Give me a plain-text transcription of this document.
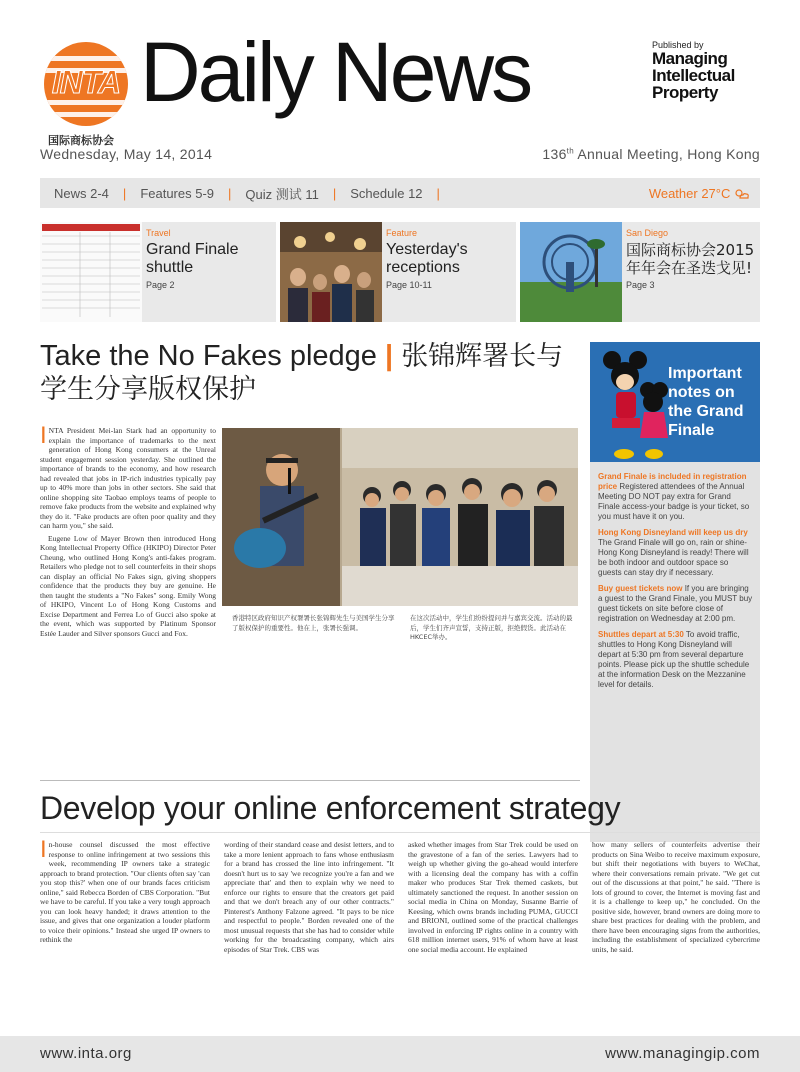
INTA
国际商标协会
Daily News	Published by
Managing
Intellectual
Property
Wednesday, May 14, 2014	136th Annual Meeting, Hong Kong
News 2-4	|	Features 5-9	|	Quiz 测试 11	|	Schedule 12	|	Weather 27°C
Travel
Grand Finale shuttle
Page 2
Feature
Yesterday's receptions
Page 10-11
San Diego
国际商标协会2015年年会在圣迭戈见!
Page 3
Take the No Fakes pledge | 张锦辉署长与学生分享版权保护
INTA President Mei-lan Stark had an opportunity to explain the importance of trademarks to the next generation of Hong Kong consumers at the Unreal student engagement session yesterday. She outlined the importance of brands to the economy, and how research had revealed that jobs in IP-rich industries typically pay up to 40% more than jobs in other sectors. She said that online shopping site Taobao employs teams of people to remove fake products from the website and explained why they do it. "Fake products are often poor quality and they can harm you," she said.

Eugene Low of Mayer Brown then introduced Hong Kong Intellectual Property Office (HKIPO) Director Peter Cheung, who outlined Hong Kong's anti-fakes program. Retailers who pledge not to sell counterfeits in their shops can display an official No Fakes sign, giving shoppers confidence that the products they buy are genuine. He then taught the students a "No Fakes" song. Emily Wong of HKIPO, Vincent Lo of Hong Kong Customs and Excise Department and Ferrea Lo of Gucci also spoke at the event, which was supported by Platinum Sponsor Estée Lauder and Silver sponsors Gucci and Fox.

香港特区政府知识产权署署长张锦辉先生与美国学生分享了版权保护的重要性。他在上，张署长强调。
在这次活动中，学生们纷纷提问并与嘉宾交流。活动的最后，学生们齐声宣誓，支持正版，拒绝假货。此活动在HKCEC举办。
Important notes on the Grand Finale

Grand Finale is included in registration price Registered attendees of the Annual Meeting DO NOT pay extra for Grand Finale access-your badge is your ticket, so you must have it on you.

Hong Kong Disneyland will keep us dry The Grand Finale will go on, rain or shine-Hong Kong Disneyland is ready! There will be both indoor and outdoor space so guests can stay dry if necessary.

Buy guest tickets now If you are bringing a guest to the Grand Finale, you MUST buy guest tickets on site before close of registration on Wednesday at 2:00 pm.

Shuttles depart at 5:30 To avoid traffic, shuttles to Hong Kong Disneyland will depart at 5:30 pm from several departure points. Please pick up the shuttle schedule at the information Desk on the Mezzanine level for details.

Develop your online enforcement strategy
In-house counsel discussed the most effective response to online infringement at two sessions this week, recommending IP owners take a strategic approach to brand protection. "Our clients often say 'can you stop this?' when one of our brands faces criticism online," said Rebecca Borden of CBS Corporation. "But we have to be careful. If you take a very tough approach you can look heavy handed; it draws attention to the issue, and gives that one organization a louder platform to voice their opinions." Instead she urged IP owners to rethink the
wording of their standard cease and desist letters, and to take a more lenient approach to fans whose enthusiasm for a brand has crossed the line into infringement. "It doesn't hurt us to say 'we recognize you're a fan and we appreciate that' and then to explain why we need to enforce our rights to ensure that the creators get paid and that we don't breach any of our other contracts." Pinterest's Anthony Falzone agreed. "It pays to be nice and respectful to people." Borden revealed one of the most unusual requests that she has had to consider while working for the broadcasting company, which airs episodes of Star Trek. CBS was
asked whether images from Star Trek could be used on the gravestone of a fan of the series. Lawyers had to weigh up whether giving the go-ahead would interfere with a licensing deal the company has with a coffin maker who produces Star Trek themed caskets, but ultimately sanctioned the request. In another session on social media in China on Monday, Susanne Barrie of Keesing, which owns brands including PUMA, GUCCI and BRIONI, outlined some of the practical challenges involved in enforcing IP rights online in a country with 618 million internet users, 91% of whom have at least one social media account. He explained
how many sellers of counterfeits advertise their products on Sina Weibo to receive maximum exposure, but shift their negotiations with buyers to WeChat, where their conversations remain private. "We get cut out of the discussions at that point," he said. "There is lots of ground to cover, the Internet is moving fast and it is a challenge to keep up," he concluded. On the positive side, however, brand owners are doing more to share best practices for dealing with the problem, and there have been encouraging signs from the authorities, including the establishment of specialized cybercrime units, he said.
www.inta.org	www.managingip.com
